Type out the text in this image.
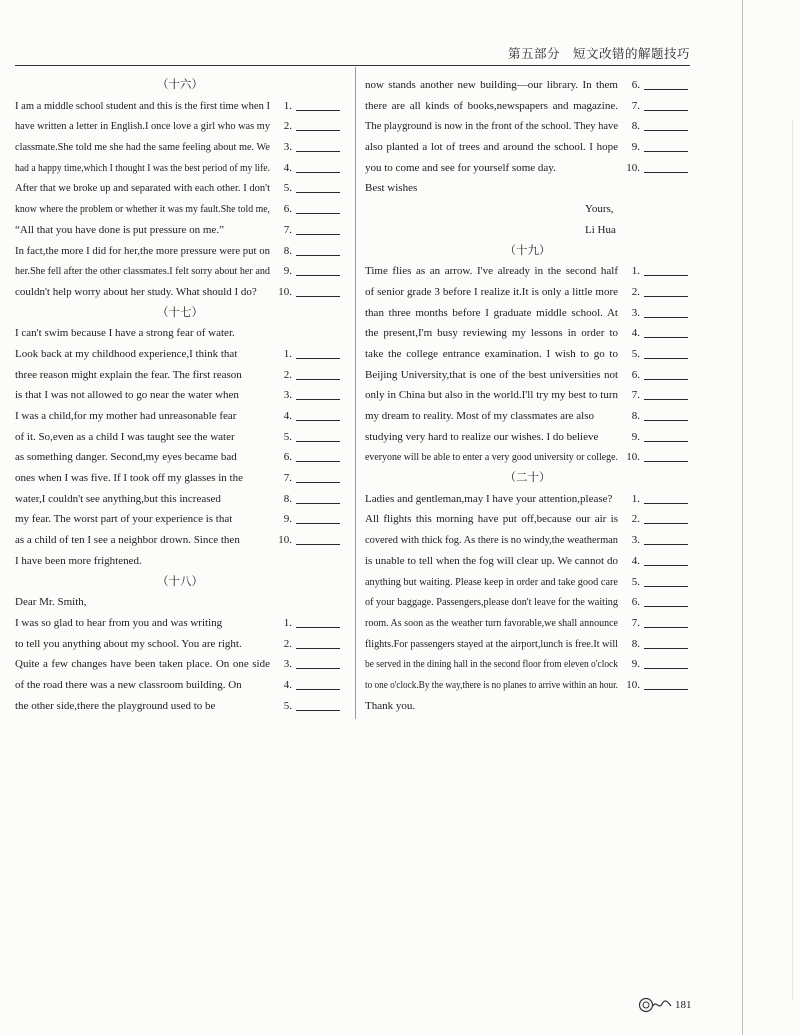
第五部分　短文改错的解题技巧
（十六）
I am a middle school student and this is the first time when I	1.
have written a letter in English.I once love a girl who was my	2.
classmate.She told me she had the same feeling about me. We	3.
had a happy time,which I thought I was the best period of my life.	4.
After that we broke up and separated with each other. I don't	5.
know where the problem or whether it was my fault.She told me,	6.
“All that you have done is put pressure on me.”	7.
In fact,the more I did for her,the more pressure were put on	8.
her.She fell after the other classmates.I felt sorry about her and	9.
couldn't help worry about her study. What should I do?	10.
（十七）
I can't swim because I have a strong fear of water.
Look back at my childhood experience,I think that	1.
three reason might explain the fear. The first reason	2.
is that I was not allowed to go near the water when	3.
I was a child,for my mother had unreasonable fear	4.
of it. So,even as a child I was taught see the water	5.
as something danger. Second,my eyes became bad	6.
ones when I was five. If I took off my glasses in the	7.
water,I couldn't see anything,but this increased	8.
my fear. The worst part of your experience is that	9.
as a child of ten I see a neighbor drown. Since then	10.
I have been more frightened.
（十八）
Dear Mr. Smith,
I was so glad to hear from you and was writing	1.
to tell you anything about my school. You are right.	2.
Quite a few changes have been taken place. On one side	3.
of the road there was a new classroom building. On	4.
the other side,there the playground used to be	5.
now stands another new building—our library. In them	6.
there are all kinds of books,newspapers and magazine.	7.
The playground is now in the front of the school. They have	8.
also planted a lot of trees and around the school. I hope	9.
you to come and see for yourself some day.	10.
Best wishes
Yours,
Li Hua
（十九）
Time flies as an arrow. I've already in the second half	1.
of senior grade 3 before I realize it.It is only a little more	2.
than three months before I graduate middle school. At	3.
the present,I'm busy reviewing my lessons in order to	4.
take the college entrance examination. I wish to go to	5.
Beijing University,that is one of the best universities not	6.
only in China but also in the world.I'll try my best to turn	7.
my dream to reality. Most of my classmates are also	8.
studying very hard to realize our wishes. I do believe	9.
everyone will be able to enter a very good university or college. 10.
（二十）
Ladies and gentleman,may I have your attention,please?	1.
All flights this morning have put off,because our air is	2.
covered with thick fog. As there is no windy,the weatherman	3.
is unable to tell when the fog will clear up. We cannot do	4.
anything but waiting. Please keep in order and take good care	5.
of your baggage. Passengers,please don't leave for the waiting	6.
room. As soon as the weather turn favorable,we shall announce	7.
flights.For passengers stayed at the airport,lunch is free.It will	8.
be served in the dining hall in the second floor from eleven o'clock	9.
to one o'clock.By the way,there is no planes to arrive within an hour. 10.
Thank you.
181
